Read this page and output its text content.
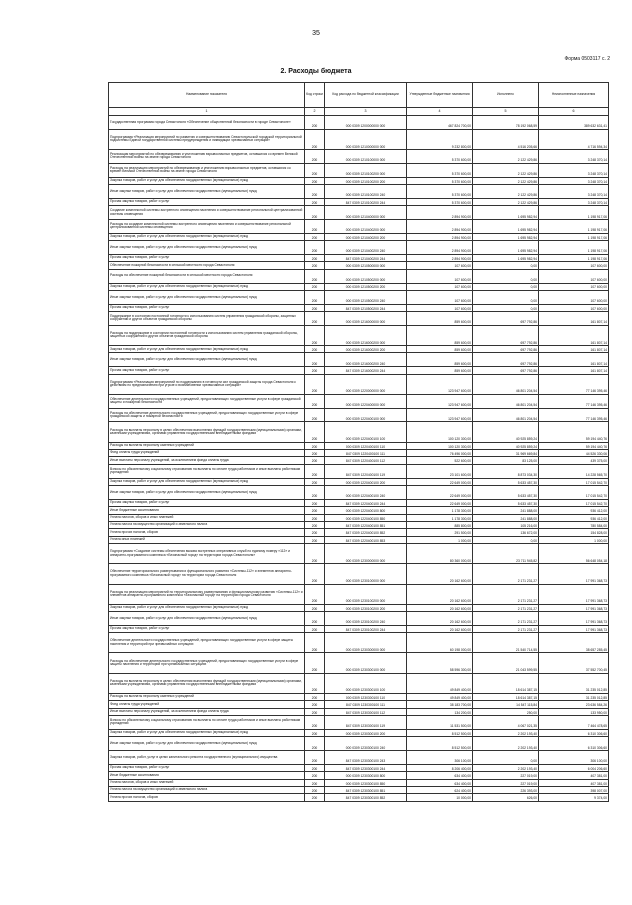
35
Форма 0503117 с. 2
2. Расходы бюджета
Наименование показателя	Код строки	Код расхода по бюджетной классификации	Утвержденные бюджетные назначения	Исполнено	Неисполненные назначения
1	2	3	4	5	6
Государственная программа города Севастополя «Обеспечение общественной безопасности в городе Севастополе»	200	000 0309 1200000000 000	467 824 700,00	78 192 068,59	389 632 631,41
Подпрограмма «Реализация мероприятий по развитию и совершенствованию Севастопольской городской территориальной подсистемы Единой государственной системы предупреждения и ликвидации чрезвычайных ситуаций»	200	000 0309 1210000000 000	9 232 800,00	4 516 205,66	4 716 594,34
Реализация мероприятий по обезвреживанию и уничтожению взрывоопасных предметов, оставшихся со времен Великой Отечественной войны на земле города Севастополя	200	000 0309 1210100000 000	5 370 600,00	2 122 429,86	3 248 370,14
Расходы на реализацию мероприятий по обезвреживанию и уничтожению взрывоопасных предметов, оставшихся со времен Великой Отечественной войны на земле города Севастополя	200	000 0309 1210100200 000	5 370 600,00	2 122 429,86	3 248 370,14
Закупка товаров, работ и услуг для обеспечения государственных (муниципальных) нужд	200	000 0309 1210100200 200	5 370 600,00	2 122 429,86	3 248 370,14
Иные закупки товаров, работ и услуг для обеспечения государственных (муниципальных) нужд	200	000 0309 1210100200 240	5 370 600,00	2 122 429,86	3 248 370,14
Прочая закупка товаров, работ и услуг	200	847 0309 1210100200 244	5 370 600,00	2 122 429,86	3 248 370,14
Создание комплексной системы экстренного оповещения населения и совершенствование региональной централизованной системы оповещения	200	000 0309 1210400000 000	2 894 900,00	1 695 982,94	1 198 917,06
Расходы на создание комплексной системы экстренного оповещения населения и совершенствование региональной централизованной системы оповещения	200	000 0309 1210400200 000	2 894 900,00	1 695 982,94	1 198 917,06
Закупка товаров, работ и услуг для обеспечения государственных (муниципальных) нужд	200	000 0309 1210400200 200	2 894 900,00	1 695 982,94	1 198 917,06
Иные закупки товаров, работ и услуг для обеспечения государственных (муниципальных) нужд	200	000 0309 1210400200 240	2 894 900,00	1 695 982,94	1 198 917,06
Прочая закупка товаров, работ и услуг	200	847 0309 1210400200 244	2 894 900,00	1 695 982,94	1 198 917,06
Обеспечение пожарной безопасности в сельской местности города Севастополя	200	000 0309 1210500000 000	107 600,00	0,00	107 600,00
Расходы на обеспечение пожарной безопасности в сельской местности города Севастополя	200	000 0309 1210500200 000	107 600,00	0,00	107 600,00
Закупка товаров, работ и услуг для обеспечения государственных (муниципальных) нужд	200	000 0309 1210500200 200	107 600,00	0,00	107 600,00
Иные закупки товаров, работ и услуг для обеспечения государственных (муниципальных) нужд	200	000 0309 1210500200 240	107 600,00	0,00	107 600,00
Прочая закупка товаров, работ и услуг	200	847 0309 1210500200 244	107 600,00	0,00	107 600,00
Поддержание в состоянии постоянной готовности к использованию систем управления гражданской обороны, защитных сооружений и других объектов гражданской обороны	200	000 0309 1216000000 000	859 600,00	697 792,86	161 807,14
Расходы на поддержание в состоянии постоянной готовности к использованию систем управления гражданской обороны, защитных сооружений и других объектов гражданской обороны	200	000 0309 1216000200 000	859 600,00	697 792,86	161 807,14
Закупка товаров, работ и услуг для обеспечения государственных (муниципальных) нужд	200	000 0309 1216000200 200	859 600,00	697 792,86	161 807,14
Иные закупки товаров, работ и услуг для обеспечения государственных (муниципальных) нужд	200	000 0309 1216000200 240	859 600,00	697 792,86	161 807,14
Прочая закупка товаров, работ и услуг	200	847 0309 1216000200 244	859 600,00	697 792,86	161 807,14
Подпрограмма «Реализация мероприятий по поддержанию в готовности сил гражданской защиты города Севастополя к действиям по предназначению при угрозе и возникновении чрезвычайных ситуаций»	200	000 0309 1220000000 000	123 947 600,00	46 801 204,54	77 146 395,46
Обеспечение деятельности государственных учреждений, предоставляющих государственные услуги в сфере гражданской защиты и пожарной безопасности	200	000 0309 1220400000 000	123 947 600,00	46 801 204,54	77 146 395,46
Расходы на обеспечение деятельности государственных учреждений, предоставляющих государственные услуги в сфере гражданской защиты и пожарной безопасности	200	000 0309 1220400100 000	123 947 600,00	46 801 204,54	77 146 395,46
Расходы на выплаты персоналу в целях обеспечения выполнения функций государственными (муниципальными) органами, казенными учреждениями, органами управления государственными внебюджетными фондами	200	000 0309 1220400100 100	100 120 300,00	40 925 859,24	59 194 440,76
Расходы на выплаты персоналу казенных учреждений	200	000 0309 1220400100 110	100 120 300,00	40 925 859,24	59 194 440,76
Фонд оплаты труда учреждений	200	847 0309 1220400100 111	76 496 000,00	31 969 669,84	44 526 330,06
Иные выплаты персоналу учреждений, за исключением фонда оплаты труда	200	847 0309 1220400100 112	522 600,00	83 125,00	439 375,00
Взносы по обязательному социальному страхованию на выплаты по оплате труда работников и иные выплаты работникам учреждений	200	847 0309 1220400100 119	23 101 600,00	8 873 034,30	14 228 565,70
Закупка товаров, работ и услуг для обеспечения государственных (муниципальных) нужд	200	000 0309 1220400100 200	22 649 000,00	5 633 457,30	17 015 542,70
Иные закупки товаров, работ и услуг для обеспечения государственных (муниципальных) нужд	200	000 0309 1220400100 240	22 649 000,00	5 633 457,30	17 015 542,70
Прочая закупка товаров, работ и услуг	200	847 0309 1220400100 244	22 649 000,00	5 633 457,30	17 015 542,70
Иные бюджетные ассигнования	200	000 0309 1220400100 800	1 178 300,00	241 888,00	936 412,00
Уплата налогов, сборов и иных платежей	200	000 0309 1220400100 850	1 178 300,00	241 888,00	936 412,00
Уплата налога на имущество организаций и земельного налога	200	847 0309 1220400100 851	885 800,00	105 216,00	780 584,00
Уплата прочих налогов, сборов	200	847 0309 1220400100 852	291 500,00	136 672,00	154 828,00
Уплата иных платежей	200	847 0309 1220400100 853	1 000,00	0,00	1 000,00
Подпрограмма «Создание системы обеспечения вызова экстренных оперативных служб по единому номеру «112» и аппаратно-программного комплекса «Безопасный город» на территории города Севастополя»	200	000 0309 1230000000 000	80 360 000,00	23 711 945,82	56 648 054,18
Обеспечение территориального развертывания и функционального развития «Системы-112» и элементов аппаратно-программного комплекса «Безопасный город» на территории города Севастополя	200	000 0309 1230100000 000	20 162 600,00	2 171 231,27	17 991 368,73
Расходы на реализацию мероприятий по территориальному развертыванию и функциональному развитию «Системы-112» и элементов аппаратно-программного комплекса «Безопасный город» на территории города Севастополя	200	000 0309 1230100200 000	20 162 600,00	2 171 231,27	17 991 368,73
Закупка товаров, работ и услуг для обеспечения государственных (муниципальных) нужд	200	000 0309 1230100200 200	20 162 600,00	2 171 231,27	17 991 368,73
Иные закупки товаров, работ и услуг для обеспечения государственных (муниципальных) нужд	200	000 0309 1230100200 240	20 162 600,00	2 171 231,27	17 991 368,73
Прочая закупка товаров, работ и услуг	200	847 0309 1230100200 244	20 162 600,00	2 171 231,27	17 991 368,73
Обеспечение деятельности государственных учреждений, предоставляющих государственные услуги в сфере защиты населения и территорий при чрезвычайных ситуациях	200	000 0309 1230300000 000	60 198 000,00	21 540 714,55	38 657 285,45
Расходы на обеспечение деятельности государственных учреждений, предоставляющих государственные услуги в сфере защиты населения и территорий при чрезвычайных ситуациях	200	000 0309 1230300100 000	58 596 300,00	21 043 599,55	37 552 700,45
Расходы на выплаты персоналу в целях обеспечения выполнения функций государственными (муниципальными) органами, казенными учреждениями, органами управления государственными внебюджетными фондами	200	000 0309 1230300100 100	49 849 400,00	18 614 387,15	31 235 012,85
Расходы на выплаты персоналу казенных учреждений	200	000 0309 1230300100 110	49 849 400,00	18 614 387,15	31 235 012,85
Фонд оплаты труда учреждений	200	847 0309 1230300100 111	38 183 700,00	14 547 115,84	23 636 584,26
Иные выплаты персоналу учреждений, за исключением фонда оплаты труда	200	847 0309 1230300100 112	134 200,00	250,00	133 950,00
Взносы по обязательному социальному страхованию на выплаты по оплате труда работников и иные выплаты работникам учреждений	200	847 0309 1230300100 119	11 531 500,00	4 067 021,35	7 464 478,65
Закупка товаров, работ и услуг для обеспечения государственных (муниципальных) нужд	200	000 0309 1230300100 200	8 512 500,00	2 202 193,40	6 310 306,60
Иные закупки товаров, работ и услуг для обеспечения государственных (муниципальных) нужд	200	000 0309 1230300100 240	8 512 500,00	2 202 193,40	6 310 306,60
Закупка товаров, работ, услуг в целях капитального ремонта государственного (муниципального) имущества	200	847 0309 1230300100 243	306 100,00	0,00	306 100,00
Прочая закупка товаров, работ и услуг	200	847 0309 1230300100 244	8 206 400,00	2 202 193,40	6 004 206,60
Иные бюджетные ассигнования	200	000 0309 1230300100 800	634 400,00	227 019,00	407 381,00
Уплата налогов, сборов и иных платежей	200	000 0309 1230300100 850	634 400,00	227 019,00	407 381,00
Уплата налога на имущество организаций и земельного налога	200	847 0309 1230300100 851	624 400,00	226 393,00	398 007,00
Уплата прочих налогов, сборов	200	847 0309 1230300100 852	10 000,00	626,00	9 374,00
